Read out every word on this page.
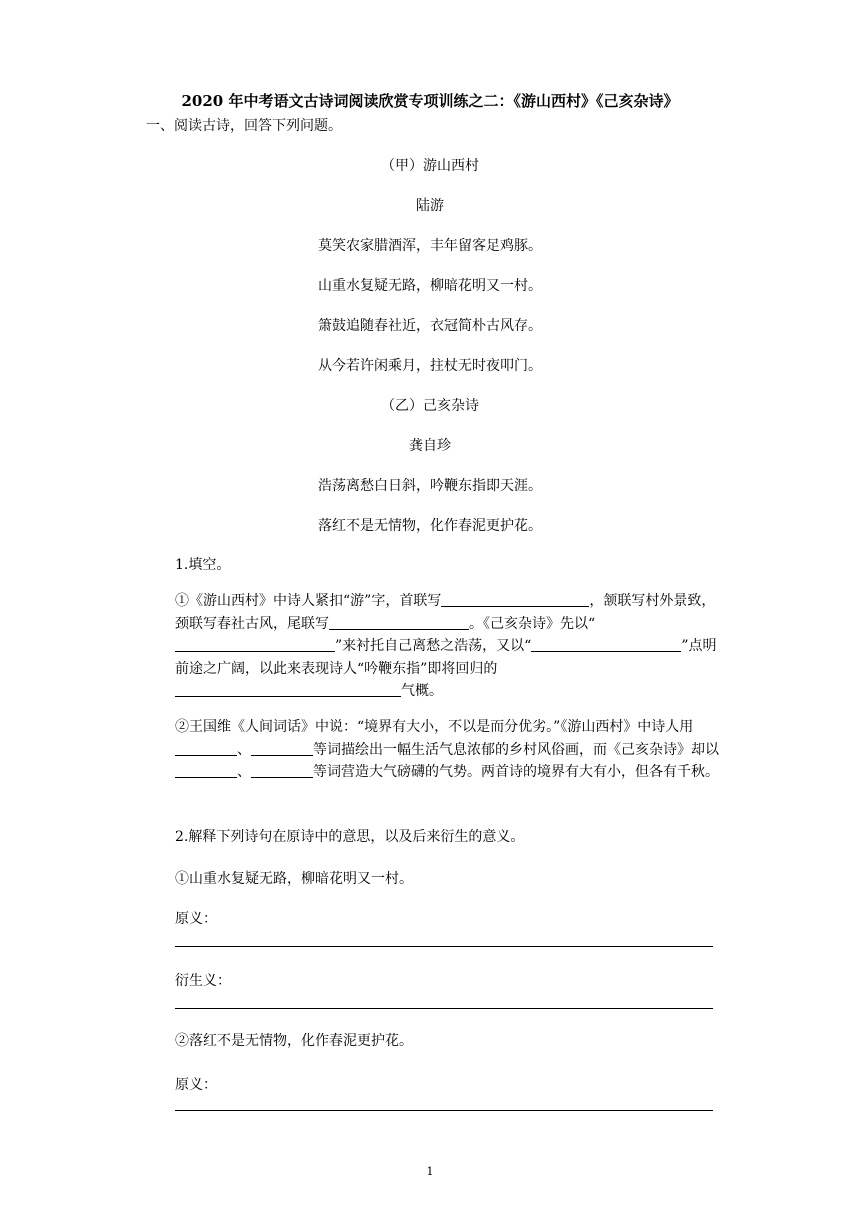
2020 年中考语文古诗词阅读欣赏专项训练之二：《游山西村》《己亥杂诗》
一、阅读古诗，回答下列问题。
（甲）游山西村
陆游
莫笑农家腊酒浑，丰年留客足鸡豚。
山重水复疑无路，柳暗花明又一村。
箫鼓追随春社近，衣冠简朴古风存。
从今若许闲乘月，拄杖无时夜叩门。
（乙）己亥杂诗
龚自珍
浩荡离愁白日斜，吟鞭东指即天涯。
落红不是无情物，化作春泥更护花。
1.填空。
①《游山西村》中诗人紧扣“游”字，首联写	，颔联写村外景致，颈联写春社古风，尾联写	。《己亥杂诗》先以“”来衬托自己离愁之浩荡，又以“	”点明前途之广阔，以此来表现诗人“吟鞭东指”即将回归的气概。
②王国维《人间词话》中说：“境界有大小，不以是而分优劣。”《游山西村》中诗人用、	等词描绘出一幅生活气息浓郁的乡村风俗画，而《己亥杂诗》却以、	等词营造大气磅礴的气势。两首诗的境界有大有小，但各有千秋。
2.解释下列诗句在原诗中的意思，以及后来衍生的意义。
①山重水复疑无路，柳暗花明又一村。
原义：
衍生义：
②落红不是无情物，化作春泥更护花。
原义：
1
